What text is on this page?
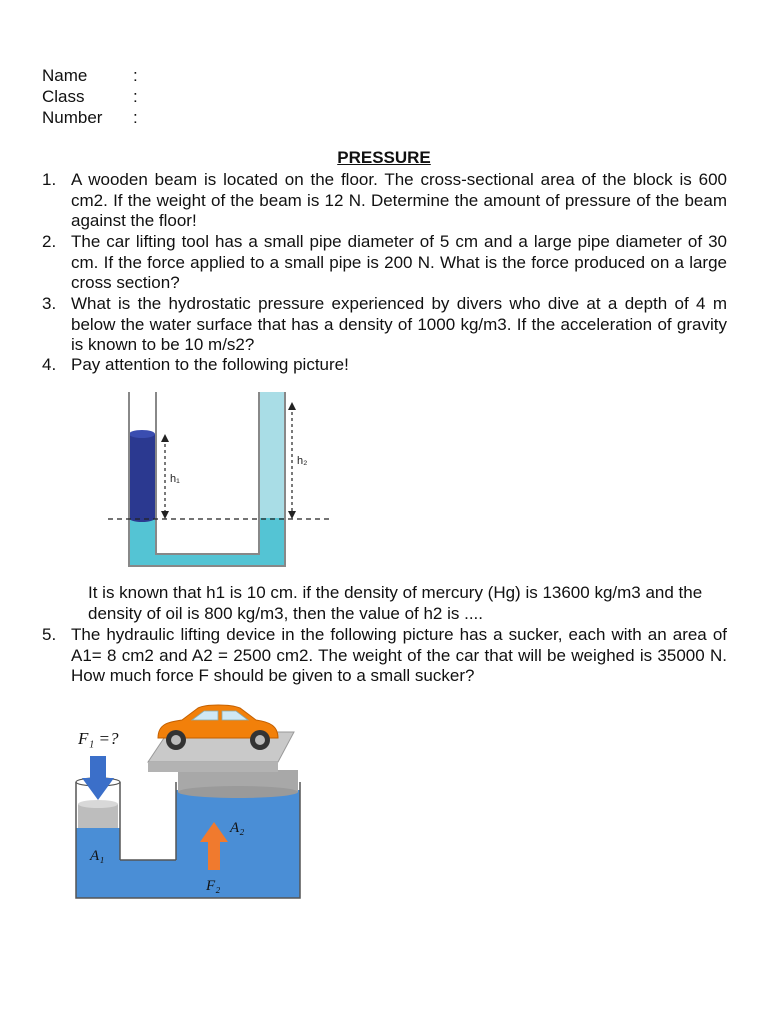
Name	:
Class	:
Number :
PRESSURE
1. A wooden beam is located on the floor. The cross-sectional area of the block is 600 cm2. If the weight of the beam is 12 N. Determine the amount of pressure of the beam against the floor!
2. The car lifting tool has a small pipe diameter of 5 cm and a large pipe diameter of 30 cm. If the force applied to a small pipe is 200 N. What is the force produced on a large cross section?
3. What is the hydrostatic pressure experienced by divers who dive at a depth of 4 m below the water surface that has a density of 1000 kg/m3. If the acceleration of gravity is known to be 10 m/s2?
4. Pay attention to the following picture!
h₁
h₂
It is known that h1 is 10 cm. if the density of mercury (Hg) is 13600 kg/m3 and the density of oil is 800 kg/m3, then the value of h2 is ....
5. The hydraulic lifting device in the following picture has a sucker, each with an area of A1= 8 cm2 and A2 = 2500 cm2. The weight of the car that will be weighed is 35000 N. How much force F should be given to a small sucker?
F₁ =?
A₁
A₂
F₂
